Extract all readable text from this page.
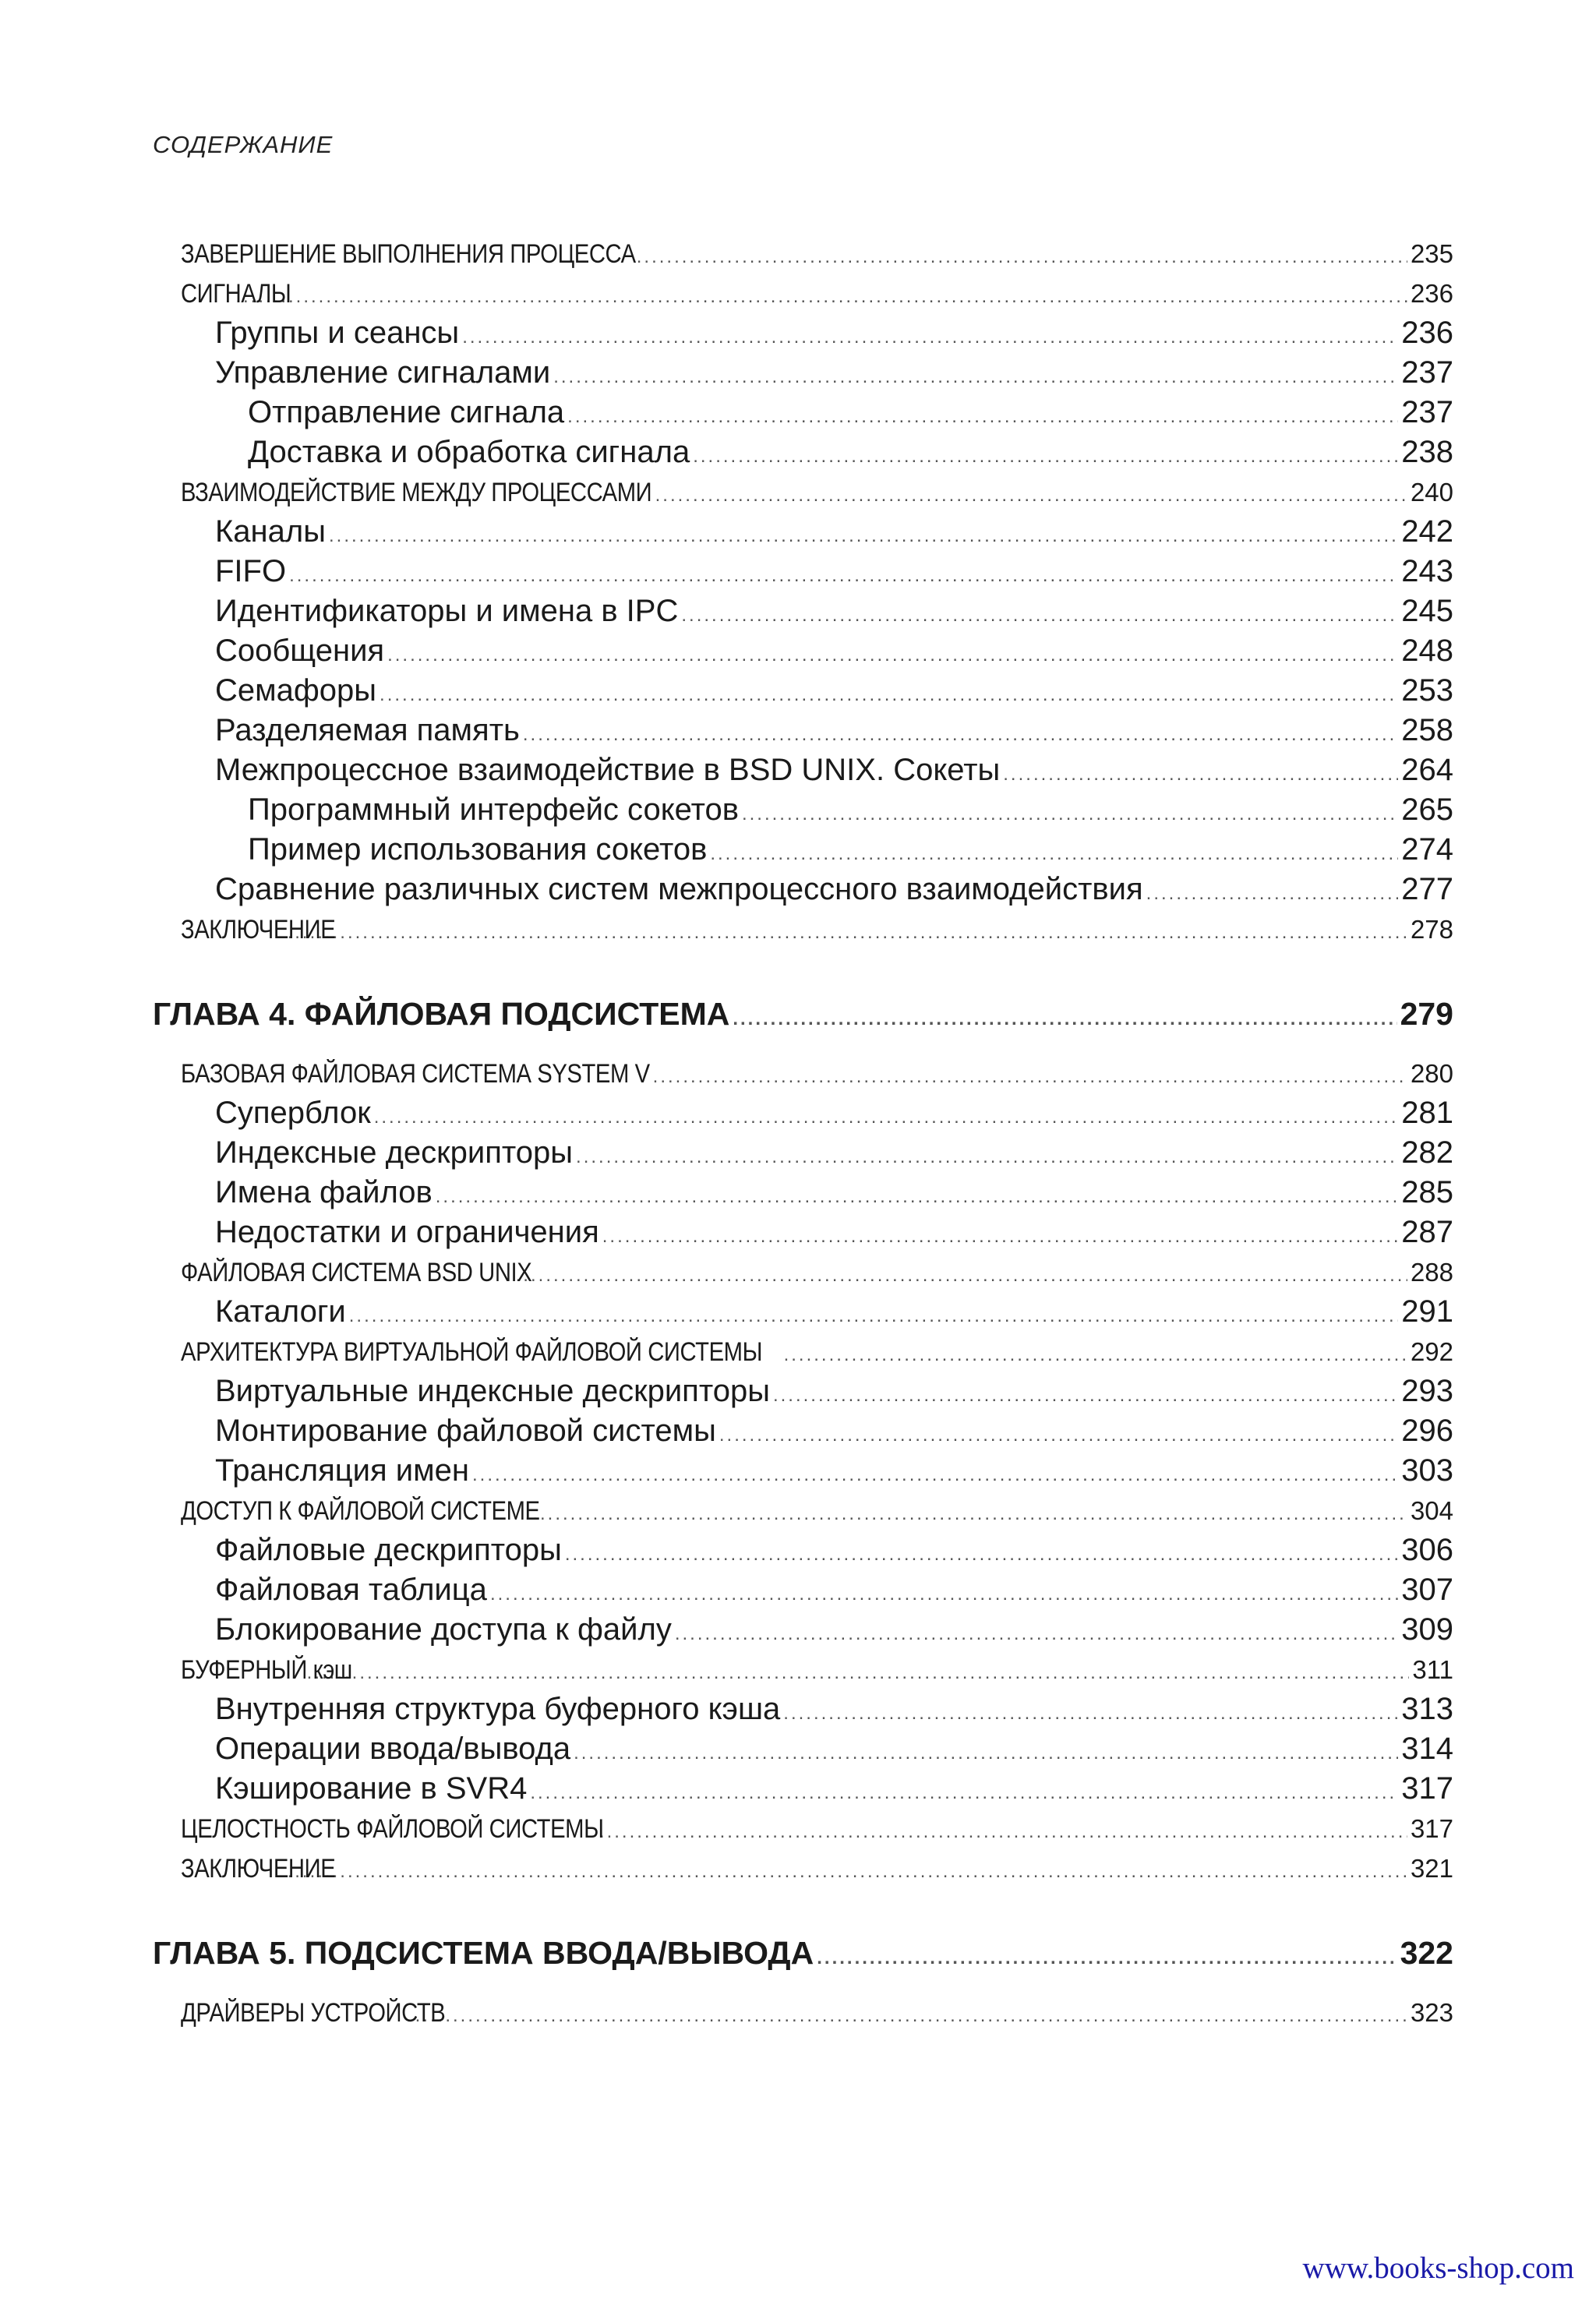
СОДЕРЖАНИЕ
ЗАВЕРШЕНИЕ ВЫПОЛНЕНИЯ ПРОЦЕССА .....	235
СИГНАЛЫ .....	236
Группы и сеансы .....	236
Управление сигналами .....	237
Отправление сигнала .....	237
Доставка и обработка сигнала .....	238
ВЗАИМОДЕЙСТВИЕ МЕЖДУ ПРОЦЕССАМИ .....	240
Каналы .....	242
FIFO .....	243
Идентификаторы и имена в IPC .....	245
Сообщения .....	248
Семафоры .....	253
Разделяемая память .....	258
Межпроцессное взаимодействие в BSD UNIX. Сокеты .....	264
Программный интерфейс сокетов .....	265
Пример использования сокетов .....	274
Сравнение различных систем межпроцессного взаимодействия .....	277
ЗАКЛЮЧЕНИЕ .....	278
ГЛАВА 4. ФАЙЛОВАЯ ПОДСИСТЕМА .....	279
БАЗОВАЯ ФАЙЛОВАЯ СИСТЕМА SYSTEM V .....	280
Суперблок .....	281
Индексные дескрипторы .....	282
Имена файлов .....	285
Недостатки и ограничения .....	287
ФАЙЛОВАЯ СИСТЕМА BSD UNIX .....	288
Каталоги .....	291
АРХИТЕКТУРА ВИРТУАЛЬНОЙ ФАЙЛОВОЙ СИСТЕМЫ .....	292
Виртуальные индексные дескрипторы .....	293
Монтирование файловой системы .....	296
Трансляция имен .....	303
ДОСТУП К ФАЙЛОВОЙ СИСТЕМЕ .....	304
Файловые дескрипторы .....	306
Файловая таблица .....	307
Блокирование доступа к файлу .....	309
БУФЕРНЫЙ кэш .....	311
Внутренняя структура буферного кэша .....	313
Операции ввода/вывода .....	314
Кэширование в SVR4 .....	317
ЦЕЛОСТНОСТЬ ФАЙЛОВОЙ СИСТЕМЫ .....	317
ЗАКЛЮЧЕНИЕ .....	321
ГЛАВА 5. ПОДСИСТЕМА ВВОДА/ВЫВОДА .....	322
ДРАЙВЕРЫ УСТРОЙСТВ .....	323
www.books-shop.com
